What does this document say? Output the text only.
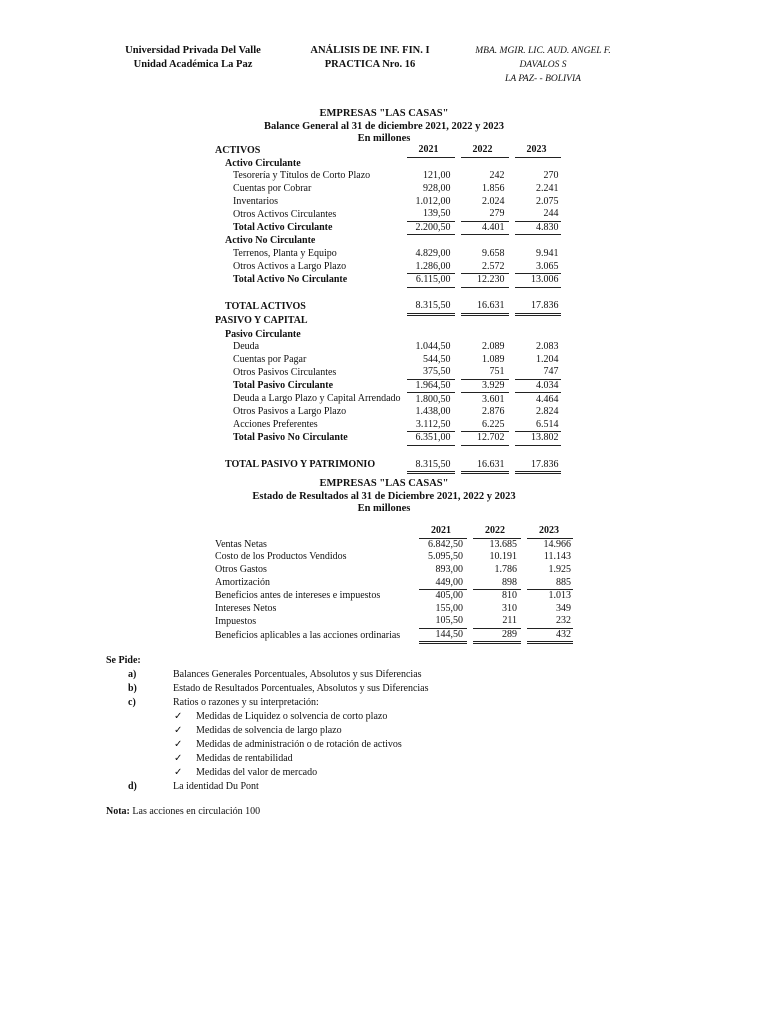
Universidad Privada Del Valle
Unidad Académica La Paz
ANÁLISIS DE INF. FIN. I
PRACTICA Nro. 16
MBA. MGIR. LIC. AUD. ANGEL F. DAVALOS S
LA PAZ- - BOLIVIA
EMPRESAS "LAS CASAS"
Balance General al 31 de diciembre 2021, 2022 y 2023
En millones
ACTIVOS		2021		2022		2023
Activo Circulante						
Tesorería y Títulos de Corto Plazo		121,00		242		270
Cuentas por Cobrar		928,00		1.856		2.241
Inventarios		1.012,00		2.024		2.075
Otros Activos Circulantes		139,50		279		244
Total Activo Circulante		2.200,50		4.401		4.830
Activo No Circulante						
Terrenos, Planta y Equipo		4.829,00		9.658		9.941
Otros Activos a Largo Plazo		1.286,00		2.572		3.065
Total Activo No Circulante		6.115,00		12.230		13.006

TOTAL ACTIVOS		8.315,50		16.631		17.836
PASIVO Y CAPITAL						
Pasivo Circulante						
Deuda		1.044,50		2.089		2.083
Cuentas por Pagar		544,50		1.089		1.204
Otros Pasivos Circulantes		375,50		751		747
Total Pasivo Circulante		1.964,50		3.929		4.034
Deuda a Largo Plazo y Capital Arrendado		1.800,50		3.601		4.464
Otros Pasivos a Largo Plazo		1.438,00		2.876		2.824
Acciones Preferentes		3.112,50		6.225		6.514
Total Pasivo No Circulante		6.351,00		12.702		13.802

TOTAL PASIVO Y PATRIMONIO		8.315,50		16.631		17.836
EMPRESAS "LAS CASAS"
Estado de Resultados al 31 de Diciembre 2021, 2022 y 2023
En millones
		2021		2022		2023
Ventas Netas		6.842,50		13.685		14.966
Costo de los Productos Vendidos		5.095,50		10.191		11.143
Otros Gastos		893,00		1.786		1.925
Amortización		449,00		898		885
Beneficios antes de intereses e impuestos		405,00		810		1.013
Intereses Netos		155,00		310		349
Impuestos		105,50		211		232
Beneficios aplicables a las acciones ordinarias		144,50		289		432
Se Pide:
a)	Balances Generales Porcentuales, Absolutos y sus Diferencias
b)	Estado de Resultados Porcentuales, Absolutos y sus Diferencias
c)	Ratios o razones y su interpretación:
✓	Medidas de Liquidez o solvencia de corto plazo
✓	Medidas de solvencia de largo plazo
✓	Medidas de administración o de rotación de activos
✓	Medidas de rentabilidad
✓	Medidas del valor de mercado
d)	La identidad Du Pont
Nota: Las acciones en circulación 100
